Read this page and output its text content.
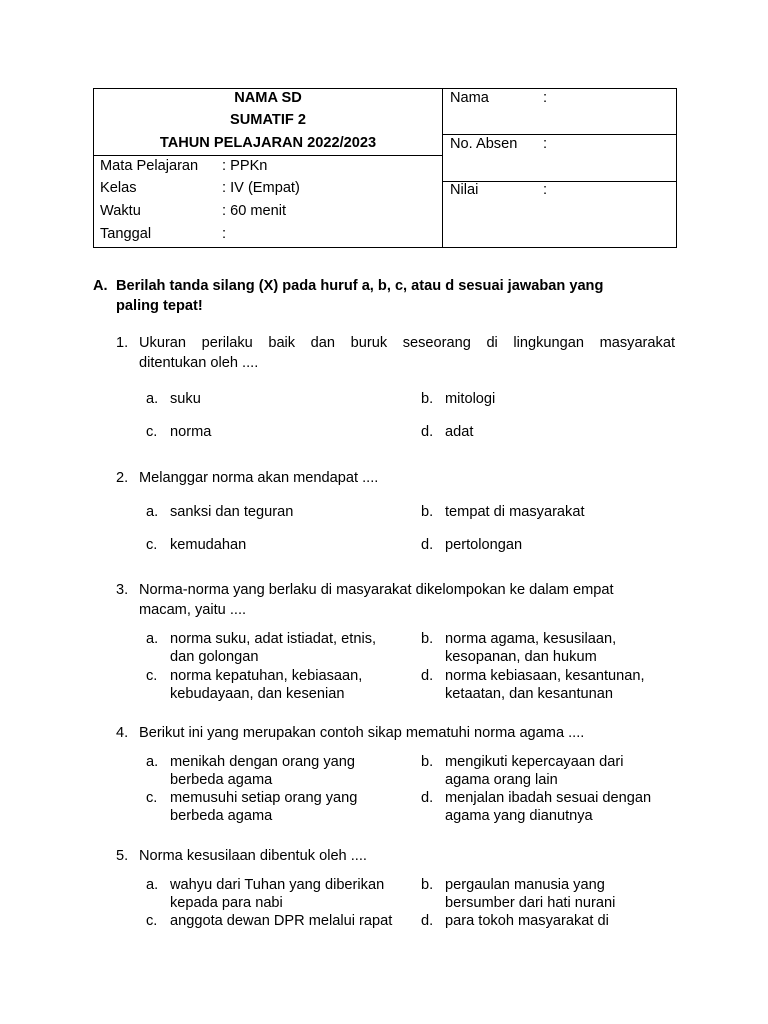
NAMA SD
SUMATIF 2
TAHUN PELAJARAN 2022/2023
Mata Pelajaran : PPKn
Kelas	: IV (Empat)
Waktu	: 60 menit
Tanggal	:
Nama	:
No. Absen :
Nilai	:
A. Berilah tanda silang (X) pada huruf a, b, c, atau d sesuai jawaban yang
paling tepat!
1. Ukuran perilaku baik dan buruk seseorang di lingkungan masyarakat
ditentukan oleh ....
a. suku	b. mitologi
c. norma	d. adat
2. Melanggar norma akan mendapat ....
a. sanksi dan teguran	b. tempat di masyarakat
c. kemudahan	d. pertolongan
3. Norma-norma yang berlaku di masyarakat dikelompokan ke dalam empat
macam, yaitu ....
a. norma suku, adat istiadat, etnis,
dan golongan
b. norma agama, kesusilaan,
kesopanan, dan hukum
c. norma kepatuhan, kebiasaan,
kebudayaan, dan kesenian
d. norma kebiasaan, kesantunan,
ketaatan, dan kesantunan
4. Berikut ini yang merupakan contoh sikap mematuhi norma agama ....
a. menikah dengan orang yang
berbeda agama
b. mengikuti kepercayaan dari
agama orang lain
c. memusuhi setiap orang yang
berbeda agama
d. menjalan ibadah sesuai dengan
agama yang dianutnya
5. Norma kesusilaan dibentuk oleh ....
a. wahyu dari Tuhan yang diberikan
kepada para nabi
b. pergaulan manusia yang
bersumber dari hati nurani
c. anggota dewan DPR melalui rapat	d. para tokoh masyarakat di
